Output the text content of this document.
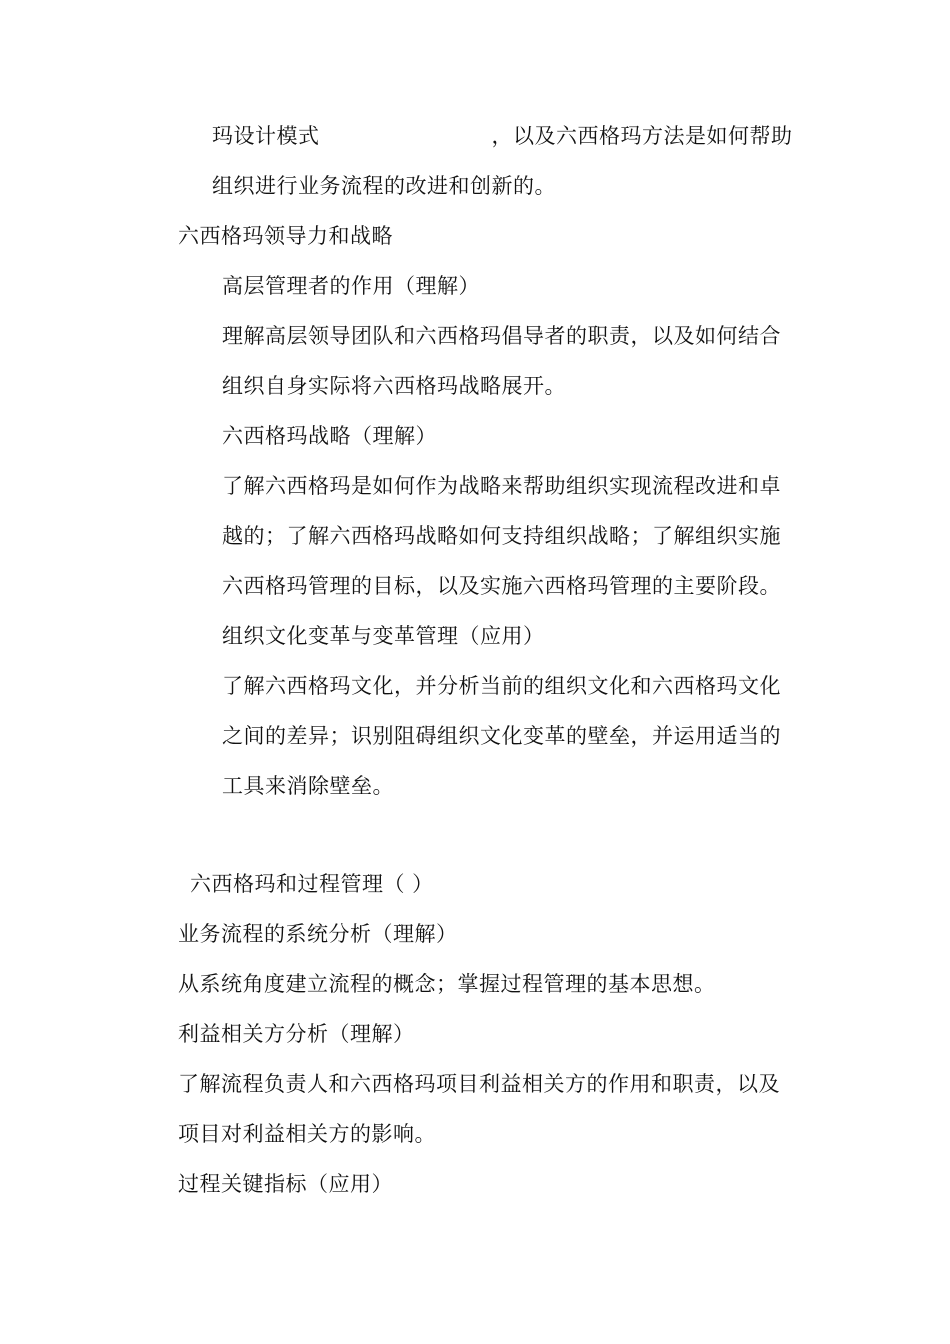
玛设计模式	，以及六西格玛方法是如何帮助
组织进行业务流程的改进和创新的。
六西格玛领导力和战略
高层管理者的作用（理解）
理解高层领导团队和六西格玛倡导者的职责，以及如何结合
组织自身实际将六西格玛战略展开。
六西格玛战略（理解）
了解六西格玛是如何作为战略来帮助组织实现流程改进和卓
越的；了解六西格玛战略如何支持组织战略；了解组织实施
六西格玛管理的目标，以及实施六西格玛管理的主要阶段。
组织文化变革与变革管理（应用）
了解六西格玛文化，并分析当前的组织文化和六西格玛文化
之间的差异；识别阻碍组织文化变革的壁垒，并运用适当的
工具来消除壁垒。
六西格玛和过程管理（ ）
业务流程的系统分析（理解）
从系统角度建立流程的概念；掌握过程管理的基本思想。
利益相关方分析（理解）
了解流程负责人和六西格玛项目利益相关方的作用和职责，以及
项目对利益相关方的影响。
过程关键指标（应用）
